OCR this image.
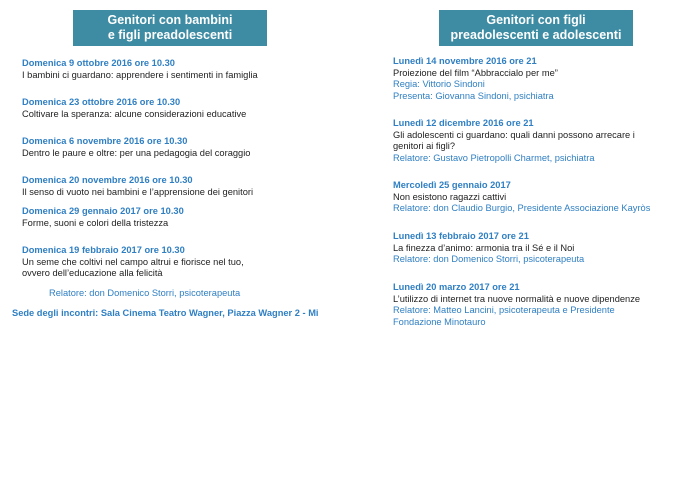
Genitori con bambini
e figli preadolescenti
Domenica 9 ottobre 2016 ore 10.30
I bambini ci guardano: apprendere i sentimenti in famiglia
Domenica 23 ottobre 2016 ore 10.30
Coltivare la speranza: alcune considerazioni educative
Domenica 6 novembre 2016 ore 10.30
Dentro le paure e oltre: per una pedagogia del coraggio
Domenica 20 novembre 2016 ore 10.30
Il senso di vuoto nei bambini e l’apprensione dei genitori
Domenica 29 gennaio 2017 ore 10.30
Forme, suoni e colori della tristezza
Domenica 19 febbraio 2017 ore 10.30
Un seme che coltivi nel campo altrui e fiorisce nel tuo,
ovvero dell’educazione alla felicità
Relatore: don Domenico Storri, psicoterapeuta
Sede degli incontri: Sala Cinema Teatro Wagner, Piazza Wagner 2 - Mi
Genitori con figli
preadolescenti e adolescenti
Lunedì 14 novembre 2016 ore 21
Proiezione del film “Abbraccialo per me”
Regia: Vittorio Sindoni
Presenta: Giovanna Sindoni, psichiatra
Lunedì 12 dicembre 2016 ore 21
Gli adolescenti ci guardano: quali danni possono arrecare i
genitori ai figli?
Relatore: Gustavo Pietropolli Charmet, psichiatra
Mercoledì 25 gennaio 2017
Non esistono ragazzi cattivi
Relatore: don Claudio Burgio, Presidente Associazione Kayròs
Lunedì 13 febbraio 2017 ore 21
La finezza d’animo: armonia tra il Sé e il Noi
Relatore: don Domenico Storri, psicoterapeuta
Lunedì 20 marzo 2017 ore 21
L’utilizzo di internet tra nuove normalità e nuove dipendenze
Relatore: Matteo Lancini, psicoterapeuta e Presidente
Fondazione Minotauro
